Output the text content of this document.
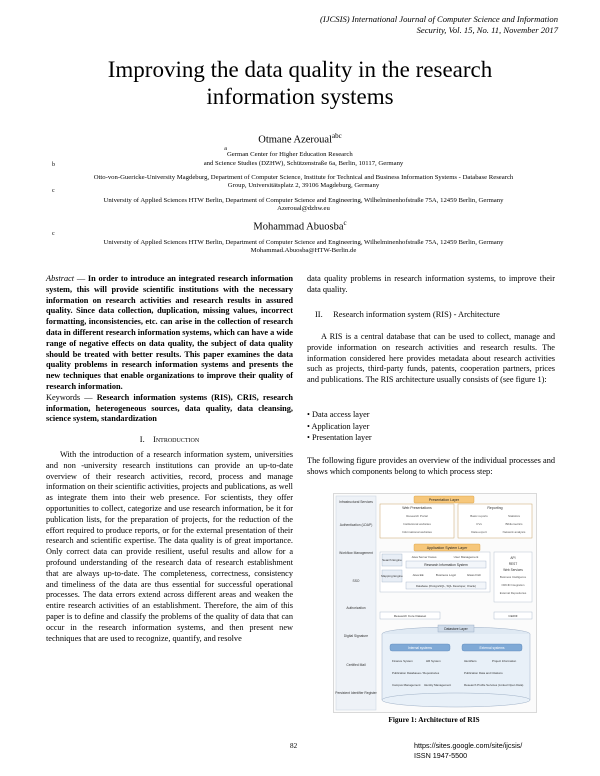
(IJCSIS) International Journal of Computer Science and Information
Security, Vol. 15, No. 11, November 2017
Improving the data quality in the research
information systems
Otmane Azeroual$^{abc}$
$^a$German Center for Higher Education Research
and Science Studies (DZHW), Schützenstraße 6a, Berlin, 10117, Germany
$^b$
Otto-von-Guericke-University Magdeburg, Department of Computer Science, Institute for Technical and Business Information Systems - Database Research
Group, Universitätsplatz 2, 39106 Magdeburg, Germany
$^c$
University of Applied Sciences HTW Berlin, Department of Computer Science and Engineering, Wilhelminenhofstraße 75A, 12459 Berlin, Germany
Azeroual@dzhw.eu
Mohammad Abuosba$^c$
$^c$
University of Applied Sciences HTW Berlin, Department of Computer Science and Engineering, Wilhelminenhofstraße 75A, 12459 Berlin, Germany
Mohammad.Abuosba@HTW-Berlin.de

Abstract — In order to introduce an integrated research information system, this will provide scientific institutions with the necessary information on research activities and research results in assured quality. Since data collection, duplication, missing values, incorrect formatting, inconsistencies, etc. can arise in the collection of research data in different research information systems, which can have a wide range of negative effects on data quality, the subject of data quality should be treated with better results. This paper examines the data quality problems in research information systems and presents the new techniques that enable organizations to improve their quality of research information.

Keywords — Research information systems (RIS), CRIS, research information, heterogeneous sources, data quality, data cleansing, science system, standardization

I. Introduction

With the introduction of a research information system, universities and non -university research institutions can provide an up-to-date overview of their research activities, record, process and manage information on their scientific activities, projects and publications, as well as integrate them into their web presence. For scientists, they offer opportunities to collect, categorize and use research information, be it for publication lists, for the preparation of projects, for the reduction of the effort required to produce reports, or for the external presentation of their research and scientific expertise. The data quality is of great importance. Only correct data can provide resilient, useful results and allow for a profound understanding of the research data of research establishment that are always up-to-date. The completeness, correctness, consistency and timeliness of the data are thus essential for successful operational processes. The data errors extend across different areas and weaken the entire research activities of an establishment. Therefore, the aim of this paper is to define and classify the problems of the quality of data that can occur in the research information systems, and then present new techniques that are used to recognize, quantify, and resolve

data quality problems in research information systems, to improve their data quality.

II. Research information system (RIS) - Architecture

A RIS is a central database that can be used to collect, manage and provide information on research activities and research results. The information considered here provides metadata about research activities such as projects, third-party funds, patents, cooperation partners, prices and publications. The RIS architecture usually consists of (see figure 1):

• Data access layer
• Application layer
• Presentation layer

The following figure provides an overview of the individual processes and shows which components belong to which process step:

Infrastructural Services
Authentication (LDAP)
Workflow Management
SSO
Authorization
Digital Signature
Certified Mail
Persistent Identifier Register
Presentation Layer
Web Presentations
Research Portal
Institutional websites
Informational websites
Reporting
Basic reports
CVs
Data export
Statistics
Bibliometrics
Network analysis
Application System Layer
Search Engine
Mapping Engine
Java Server Faces	User Management
Research Information System
Java EE	Business Logic	Glass Fish
Database (PostgreSQL, SQL Developer, Oracle)
API
REST
Web Services
Business Intelligence
ORCID Integration
External Repositories
Research Core Dataset	CERIF
Datastore Layer
Internal systems	External systems
Finance System	HR System
Publication Databases / Repositories
Campus Management Identity Management
Identifiers	Project Information
Publication Data and Citations
Research Profile Services (Linked Open Data)
Figure 1: Architecture of RIS
82	https://sites.google.com/site/ijcsis/
ISSN 1947-5500
